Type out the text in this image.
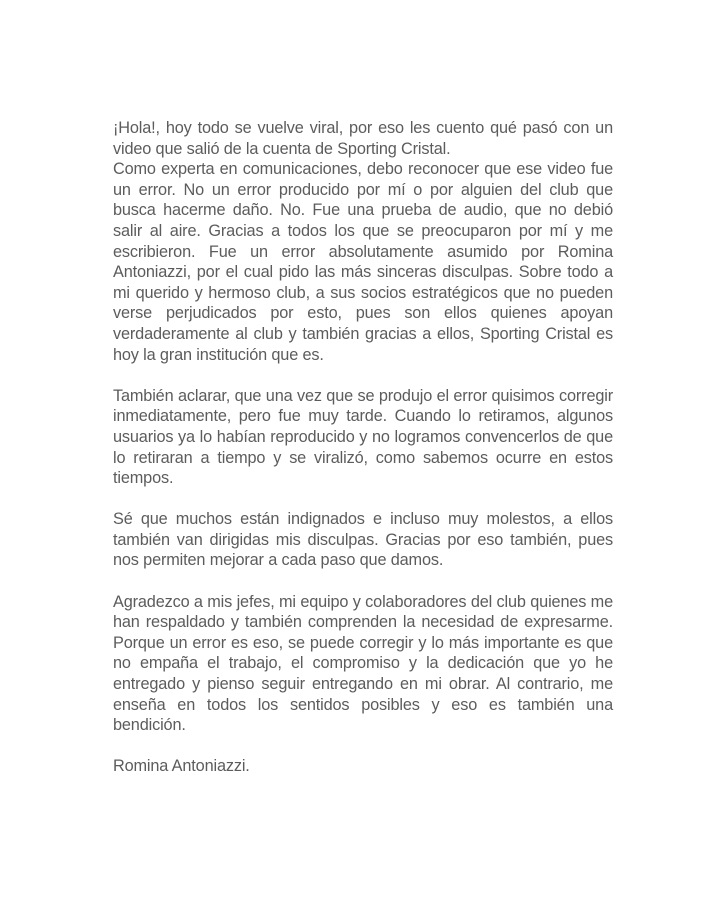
¡Hola!, hoy todo se vuelve viral, por eso les cuento qué pasó con un video que salió de la cuenta de Sporting Cristal.
Como experta en comunicaciones, debo reconocer que ese video fue un error. No un error producido por mí o por alguien del club que busca hacerme daño. No. Fue una prueba de audio, que no debió salir al aire. Gracias a todos los que se preocuparon por mí y me escribieron. Fue un error absolutamente asumido por Romina Antoniazzi, por el cual pido las más sinceras disculpas. Sobre todo a mi querido y hermoso club, a sus socios estratégicos que no pueden verse perjudicados por esto, pues son ellos quienes apoyan verdaderamente al club y también gracias a ellos, Sporting Cristal es hoy la gran institución que es.

También aclarar, que una vez que se produjo el error quisimos corregir inmediatamente, pero fue muy tarde. Cuando lo retiramos, algunos usuarios ya lo habían reproducido y no logramos convencerlos de que lo retiraran a tiempo y se viralizó, como sabemos ocurre en estos tiempos.

Sé que muchos están indignados e incluso muy molestos, a ellos también van dirigidas mis disculpas. Gracias por eso también, pues nos permiten mejorar a cada paso que damos.

Agradezco a mis jefes, mi equipo y colaboradores del club quienes me han respaldado y también comprenden la necesidad de expresarme. Porque un error es eso, se puede corregir y lo más importante es que no empaña el trabajo, el compromiso y la dedicación que yo he entregado y pienso seguir entregando en mi obrar. Al contrario, me enseña en todos los sentidos posibles y eso es también una bendición.

Romina Antoniazzi.
